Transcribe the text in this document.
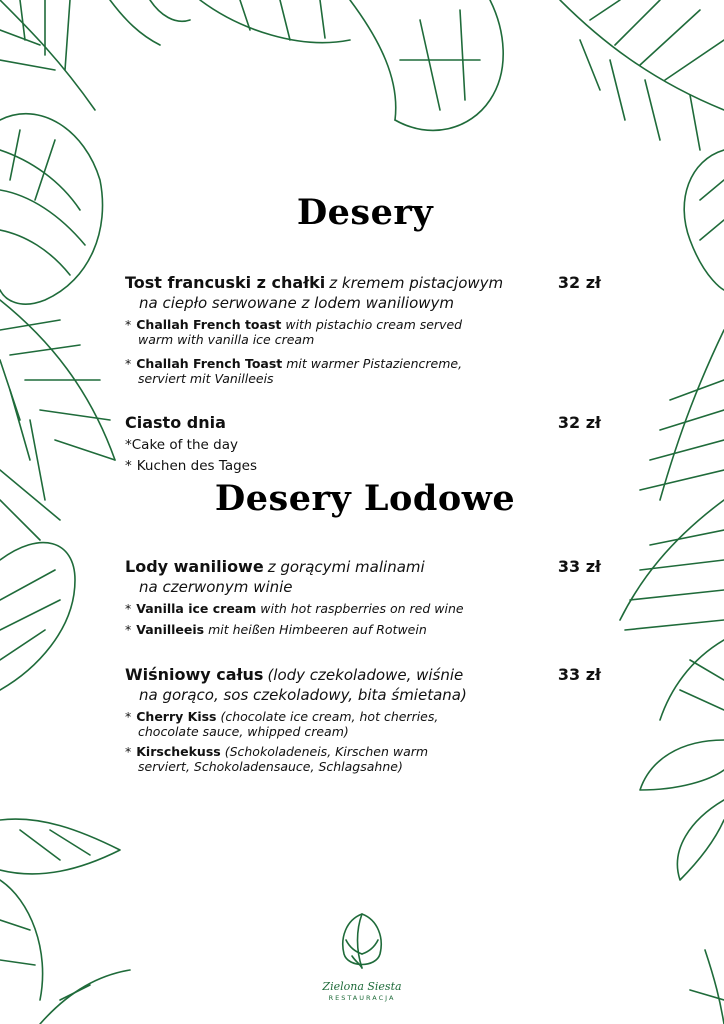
Desery
Tost francuski z chałki z kremem pistacjowym	32 zł
na ciepło serwowane z lodem waniliowym
* Challah French toast with pistachio cream served
warm with vanilla ice cream
* Challah French Toast mit warmer Pistaziencreme,
serviert mit Vanilleeis
Ciasto dnia	32 zł
*Cake of the day
* Kuchen des Tages
Desery Lodowe
Lody waniliowe z gorącymi malinami	33 zł
na czerwonym winie
* Vanilla ice cream with hot raspberries on red wine
* Vanilleeis mit heißen Himbeeren auf Rotwein
Wiśniowy całus (lody czekoladowe, wiśnie	33 zł
na gorąco, sos czekoladowy, bita śmietana)
* Cherry Kiss (chocolate ice cream, hot cherries,
chocolate sauce, whipped cream)
* Kirschekuss (Schokoladeneis, Kirschen warm
serviert, Schokoladensauce, Schlagsahne)
Zielona Siesta
RESTAURACJA
